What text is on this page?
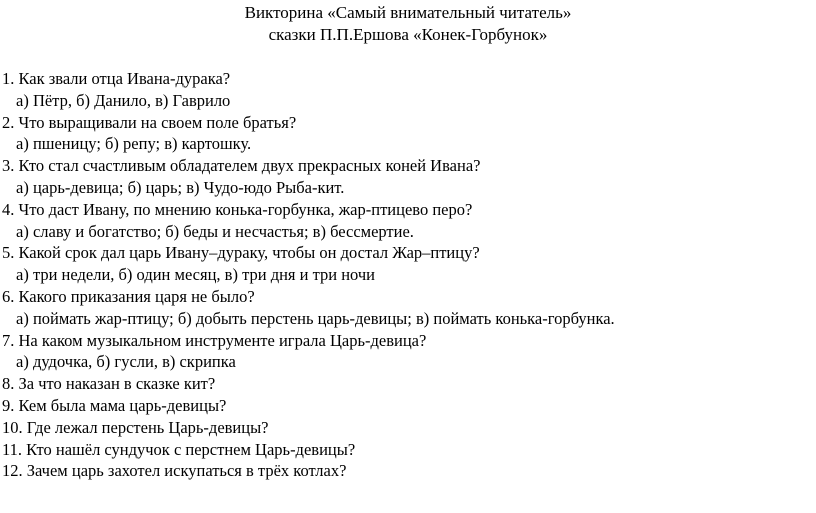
Викторина «Самый внимательный читатель»
сказки П.П.Ершова «Конек-Горбунок»
1. Как звали отца Ивана-дурака?
а) Пётр, б) Данило, в) Гаврило
2. Что выращивали на своем поле братья?
а) пшеницу; б) репу; в) картошку.
3. Кто стал счастливым обладателем двух прекрасных коней Ивана?
а) царь-девица; б) царь; в) Чудо-юдо Рыба-кит.
4. Что даст Ивану, по мнению конька-горбунка, жар-птицево перо?
а) славу и богатство; б) беды и несчастья; в) бессмертие.
5. Какой срок дал царь Ивану–дураку, чтобы он достал Жар–птицу?
а) три недели, б) один месяц, в) три дня и три ночи
6. Какого приказания царя не было?
а) поймать жар-птицу; б) добыть перстень царь-девицы; в) поймать конька-горбунка.
7. На каком музыкальном инструменте играла Царь-девица?
а) дудочка, б) гусли, в) скрипка
8. За что наказан в сказке кит?
9. Кем была мама царь-девицы?
10. Где лежал перстень Царь-девицы?
11. Кто нашёл сундучок с перстнем Царь-девицы?
12. Зачем царь захотел искупаться в трёх котлах?
